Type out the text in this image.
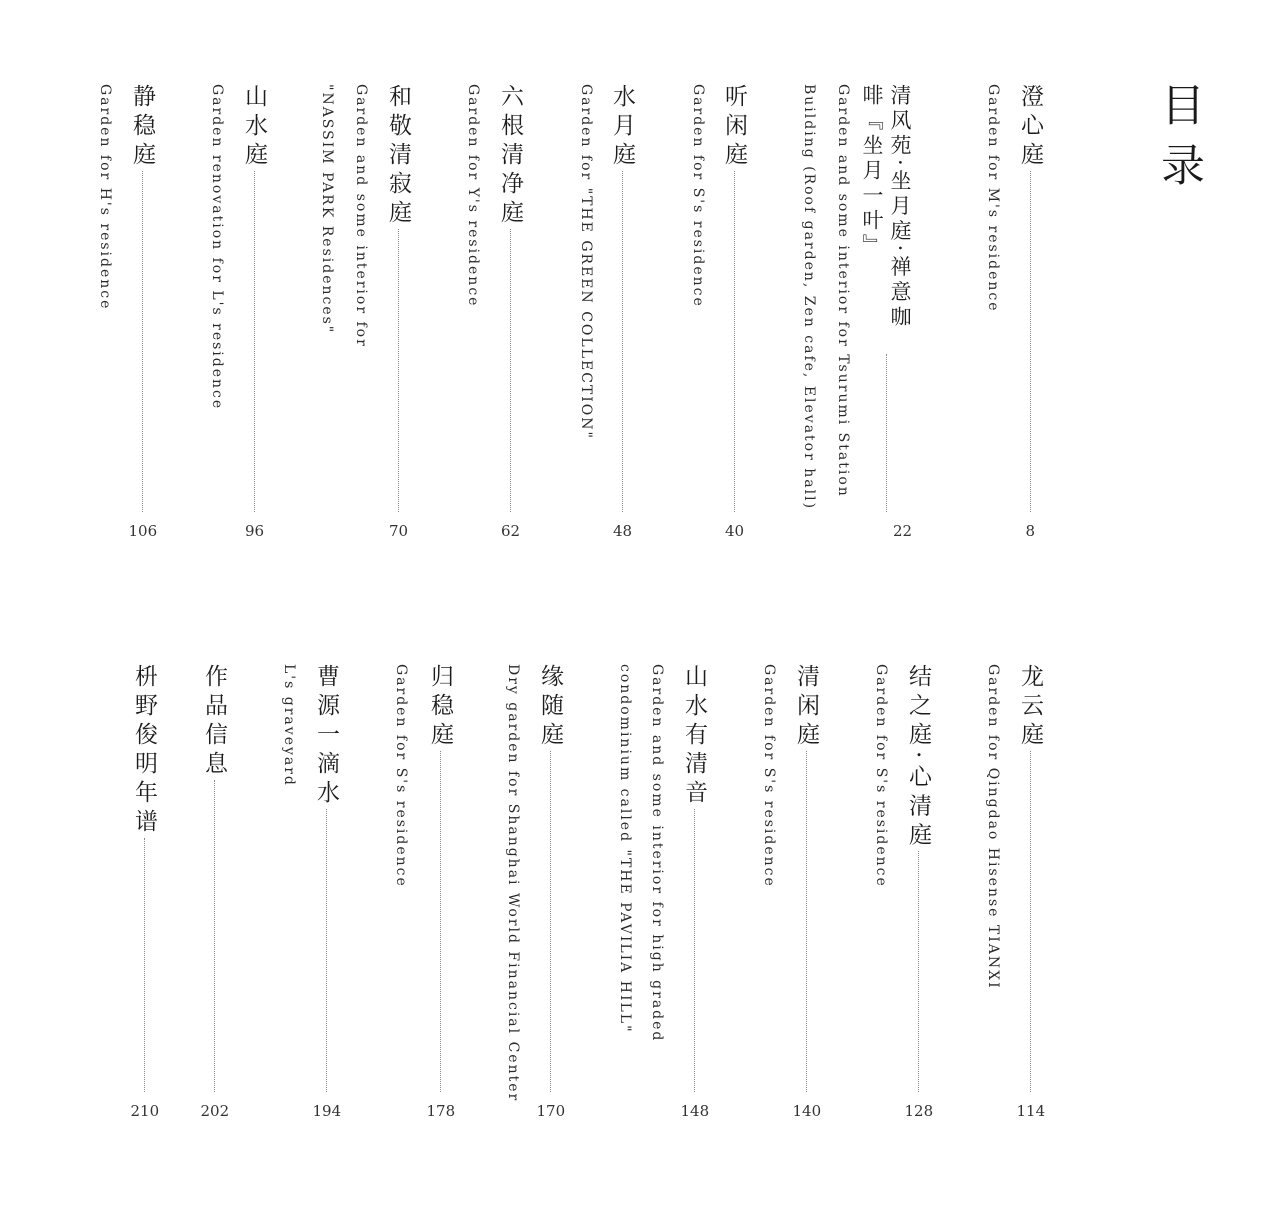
目录
澄心庭
Garden for M's residence
8
清风苑·坐月庭·禅意咖啡『坐月一叶』
Garden and some interior for Tsurumi Station
Building (Roof garden, Zen cafe, Elevator hall)
22
听闲庭
Garden for S's residence
40
水月庭
Garden for "THE GREEN COLLECTION"
48
六根清净庭
Garden for Y's residence
62
和敬清寂庭
Garden and some interior for
"NASSIM PARK Residences"
70
山水庭
Garden renovation for L's residence
96
静稳庭
Garden for H's residence
106
龙云庭
Garden for Qingdao Hisense TIANXI
114
结之庭·心清庭
Garden for S's residence
128
清闲庭
Garden for S's residence
140
山水有清音
Garden and some interior for high graded
condominium called "THE PAVILIA HILL"
148
缘随庭
Dry garden for Shanghai World Financial Center
170
归稳庭
Garden for S's residence
178
曹源一滴水
L's graveyard
194
作品信息
202
枡野俊明年谱
210
